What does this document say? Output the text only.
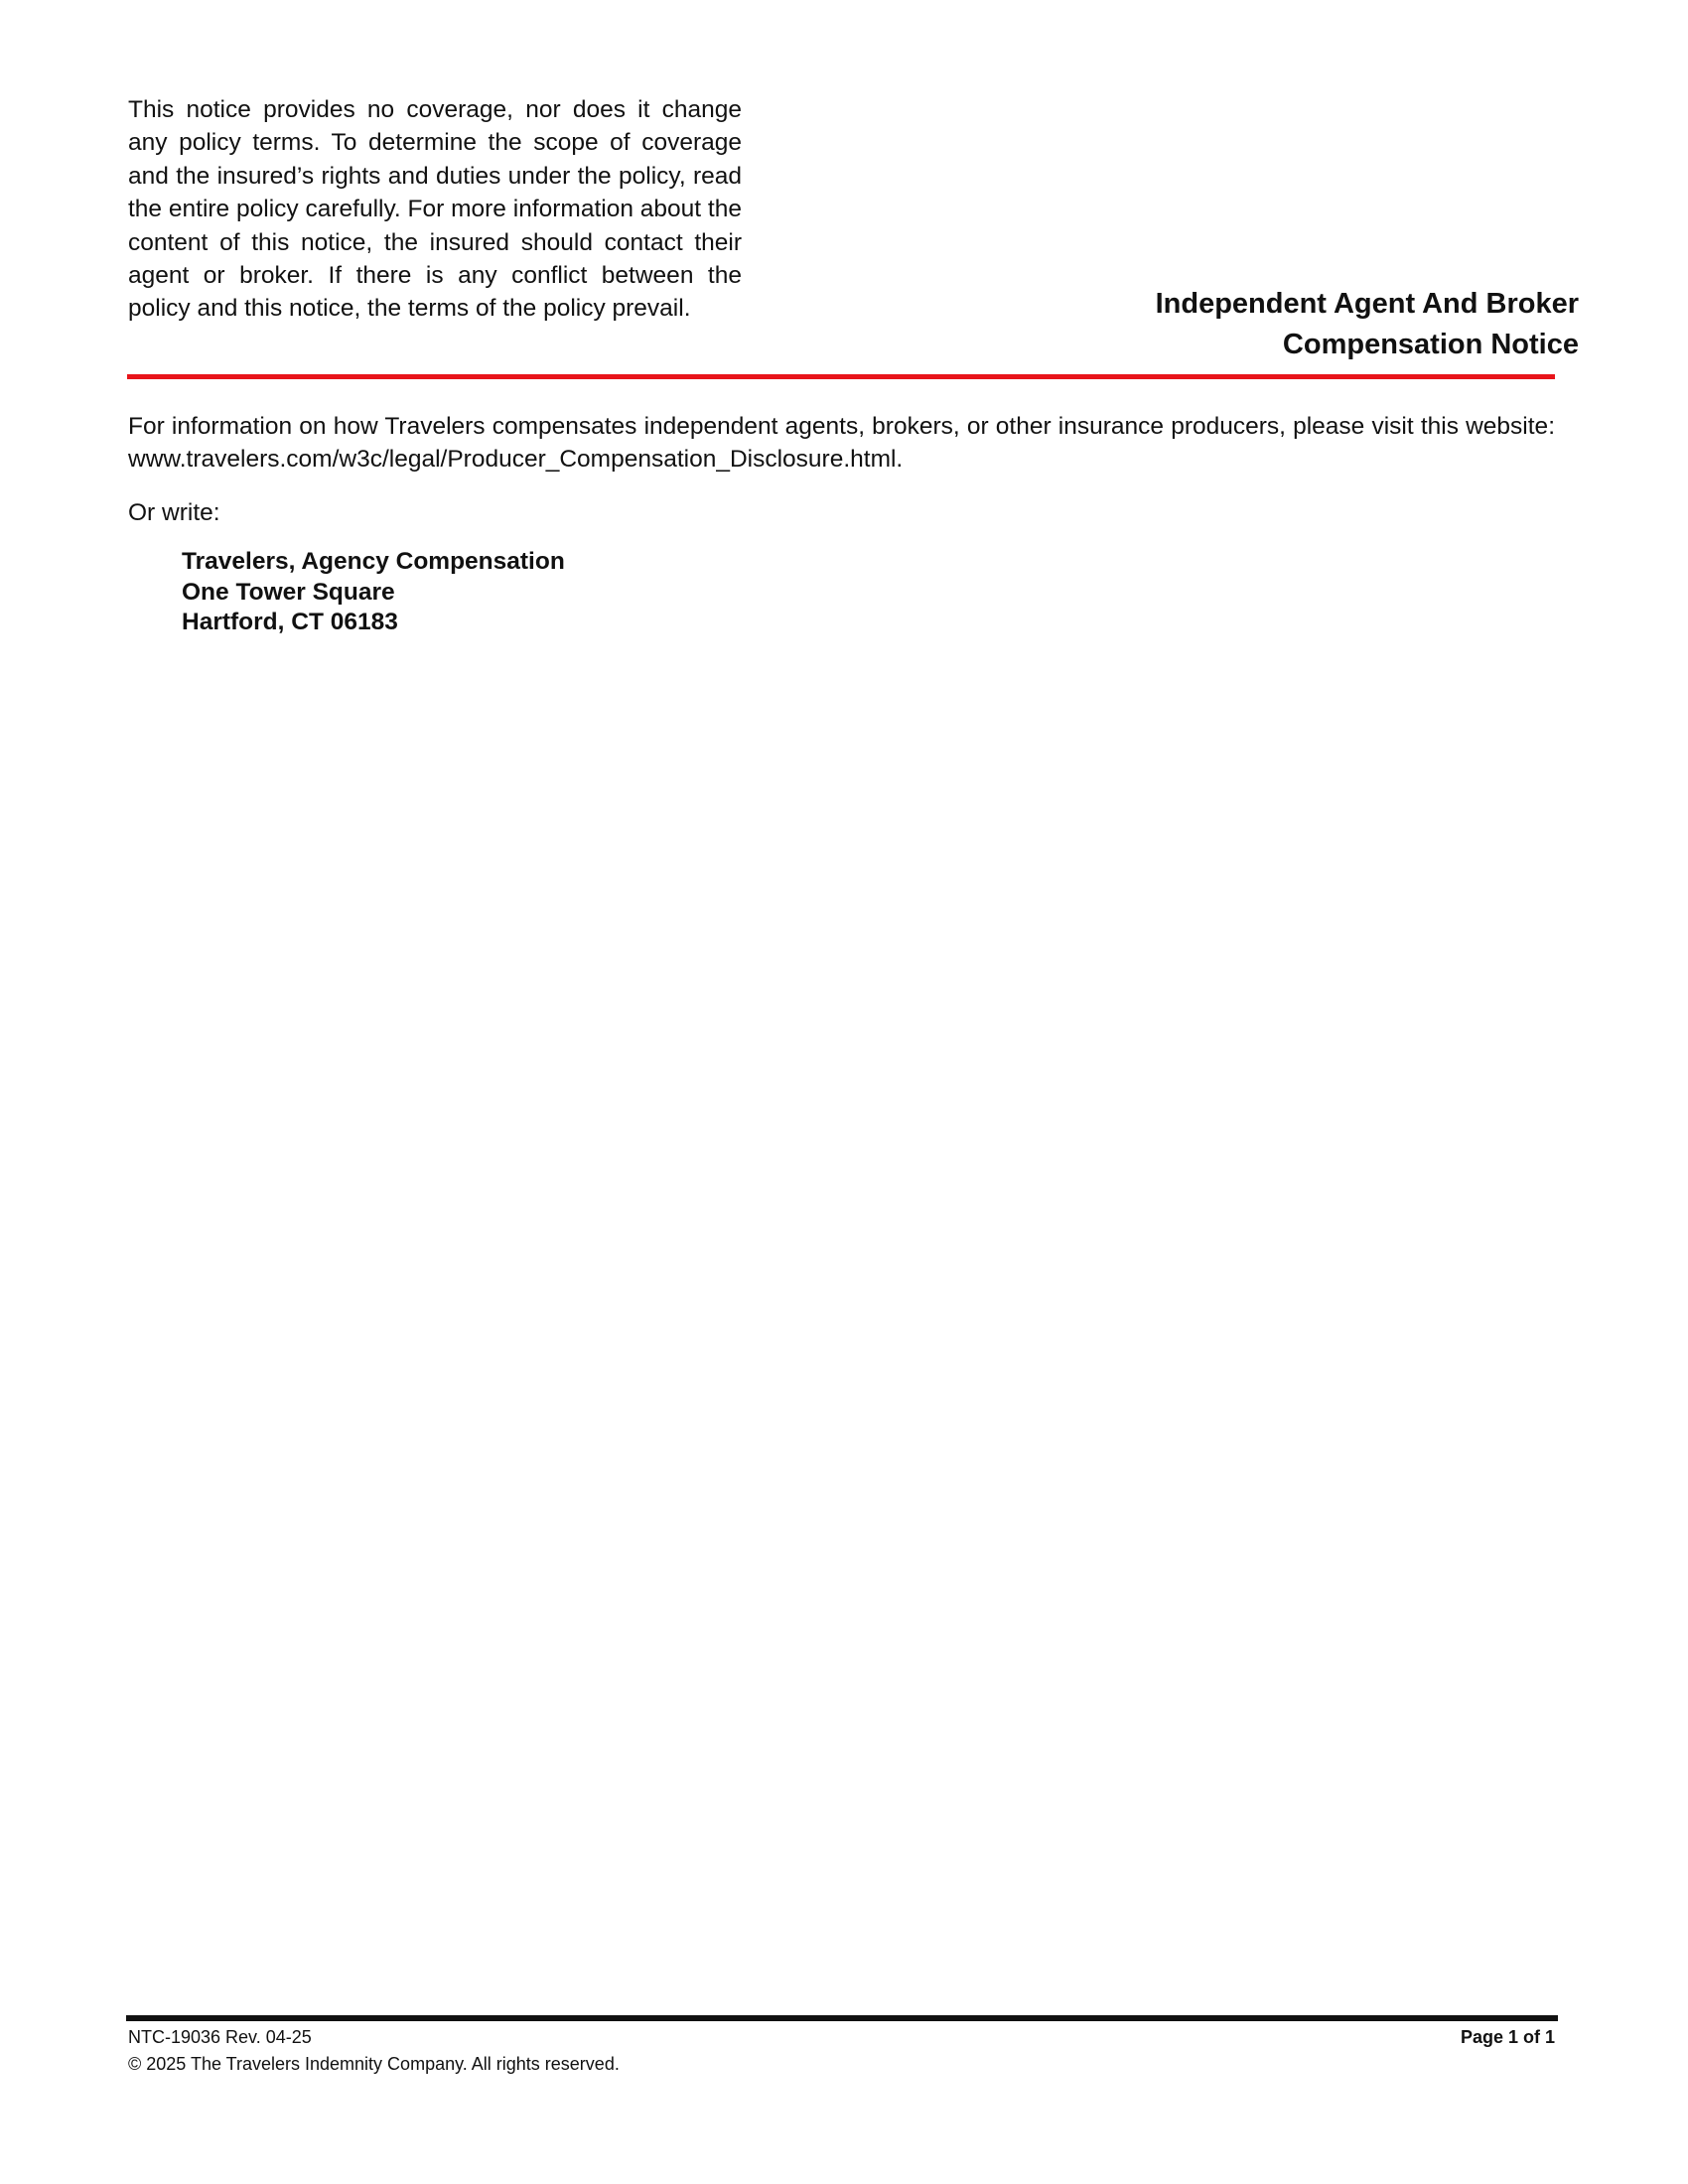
This notice provides no coverage, nor does it change any policy terms. To determine the scope of coverage and the insured’s rights and duties under the policy, read the entire policy carefully. For more information about the content of this notice, the insured should contact their agent or broker. If there is any conflict between the policy and this notice, the terms of the policy prevail.	Independent Agent And Broker
Compensation Notice

For information on how Travelers compensates independent agents, brokers, or other insurance producers, please visit this website: www.travelers.com/w3c/legal/Producer_Compensation_Disclosure.html.

Or write:

Travelers, Agency Compensation
One Tower Square
Hartford, CT 06183
NTC-19036 Rev. 04-25	Page 1 of 1
© 2025 The Travelers Indemnity Company. All rights reserved.
